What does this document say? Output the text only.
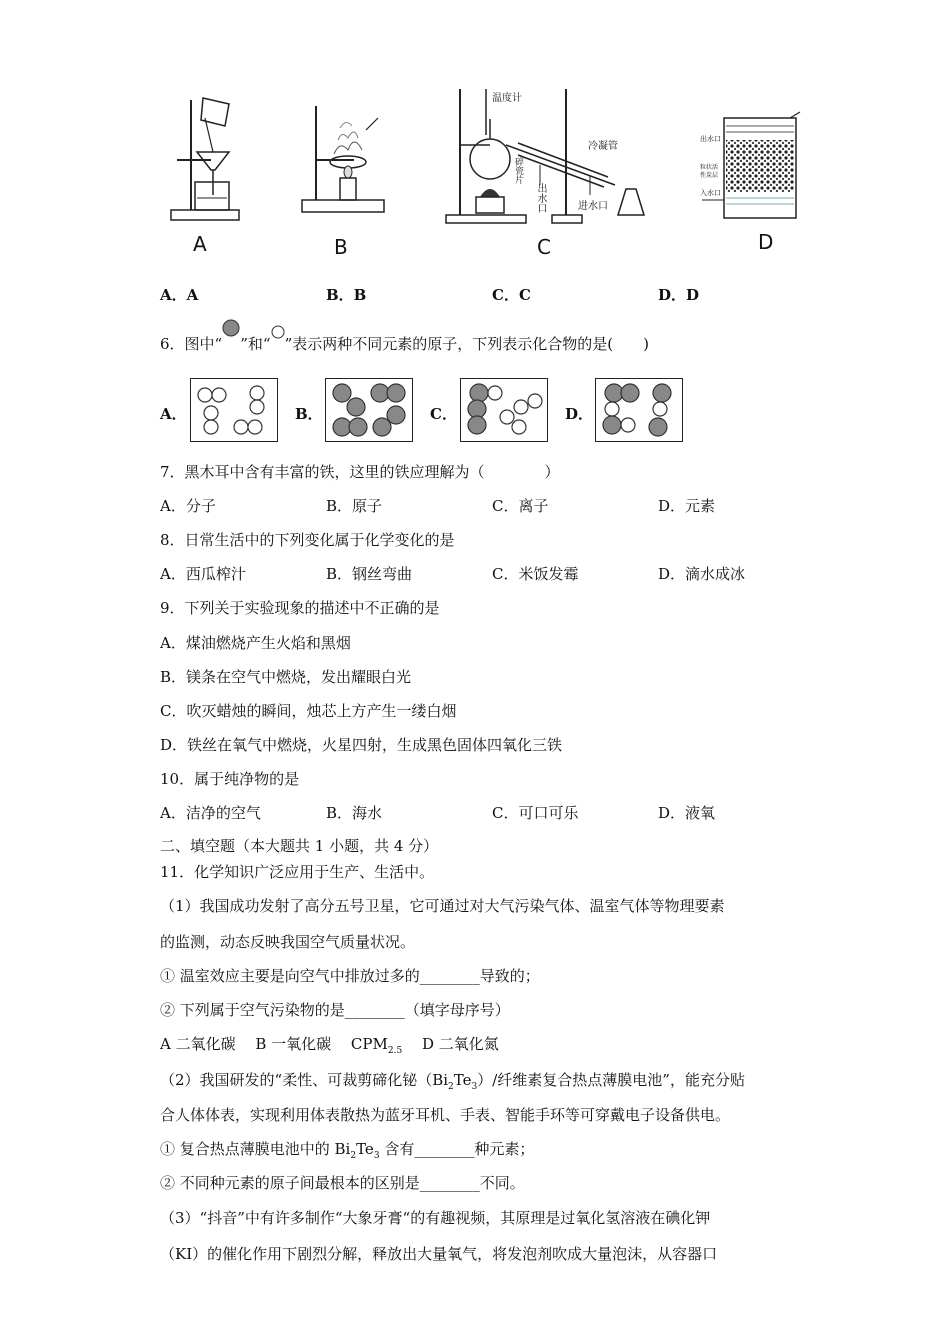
A	B
温度计
冷凝管
碎瓷片
出水口	进水口
C
出水口
粒状活性炭层
入水口
D
A．A	B．B	C．C	D．D
6．图中“ ”和“ ”表示两种不同元素的原子，下列表示化合物的是(　　)
A．	B．	C．	D．
7．黑木耳中含有丰富的铁，这里的铁应理解为（　　　　）
A．分子	B．原子	C．离子	D．元素
8．日常生活中的下列变化属于化学变化的是
A．西瓜榨汁	B．钢丝弯曲	C．米饭发霉	D．滴水成冰
9．下列关于实验现象的描述中不正确的是
A．煤油燃烧产生火焰和黑烟
B．镁条在空气中燃烧，发出耀眼白光
C．吹灭蜡烛的瞬间，烛芯上方产生一缕白烟
D．铁丝在氧气中燃烧，火星四射，生成黑色固体四氧化三铁
10．属于纯净物的是
A．洁净的空气	B．海水	C．可口可乐	D．液氧
二、填空题（本大题共 1 小题，共 4 分）
11．化学知识广泛应用于生产、生活中。
（1）我国成功发射了高分五号卫星，它可通过对大气污染气体、温室气体等物理要素
的监测，动态反映我国空气质量状况。
① 温室效应主要是向空气中排放过多的________导致的；
② 下列属于空气污染物的是________（填字母序号）
A 二氧化碳　 B 一氧化碳　 $CPM_{2.5}$　 D 二氧化氮
（2）我国研发的“柔性、可裁剪碲化铋$(Bi_2Te_3)/$纤维素复合热点薄膜电池”，能充分贴
合人体体表，实现利用体表散热为蓝牙耳机、手表、智能手环等可穿戴电子设备供电。
① 复合热点薄膜电池中的 $Bi_2Te_3$ 含有________种元素；
② 不同种元素的原子间最根本的区别是________不同。
（3）“抖音”中有许多制作“大象牙膏“的有趣视频，其原理是过氧化氢溶液在碘化钾
（KI）的催化作用下剧烈分解，释放出大量氧气，将发泡剂吹成大量泡沫，从容器口
